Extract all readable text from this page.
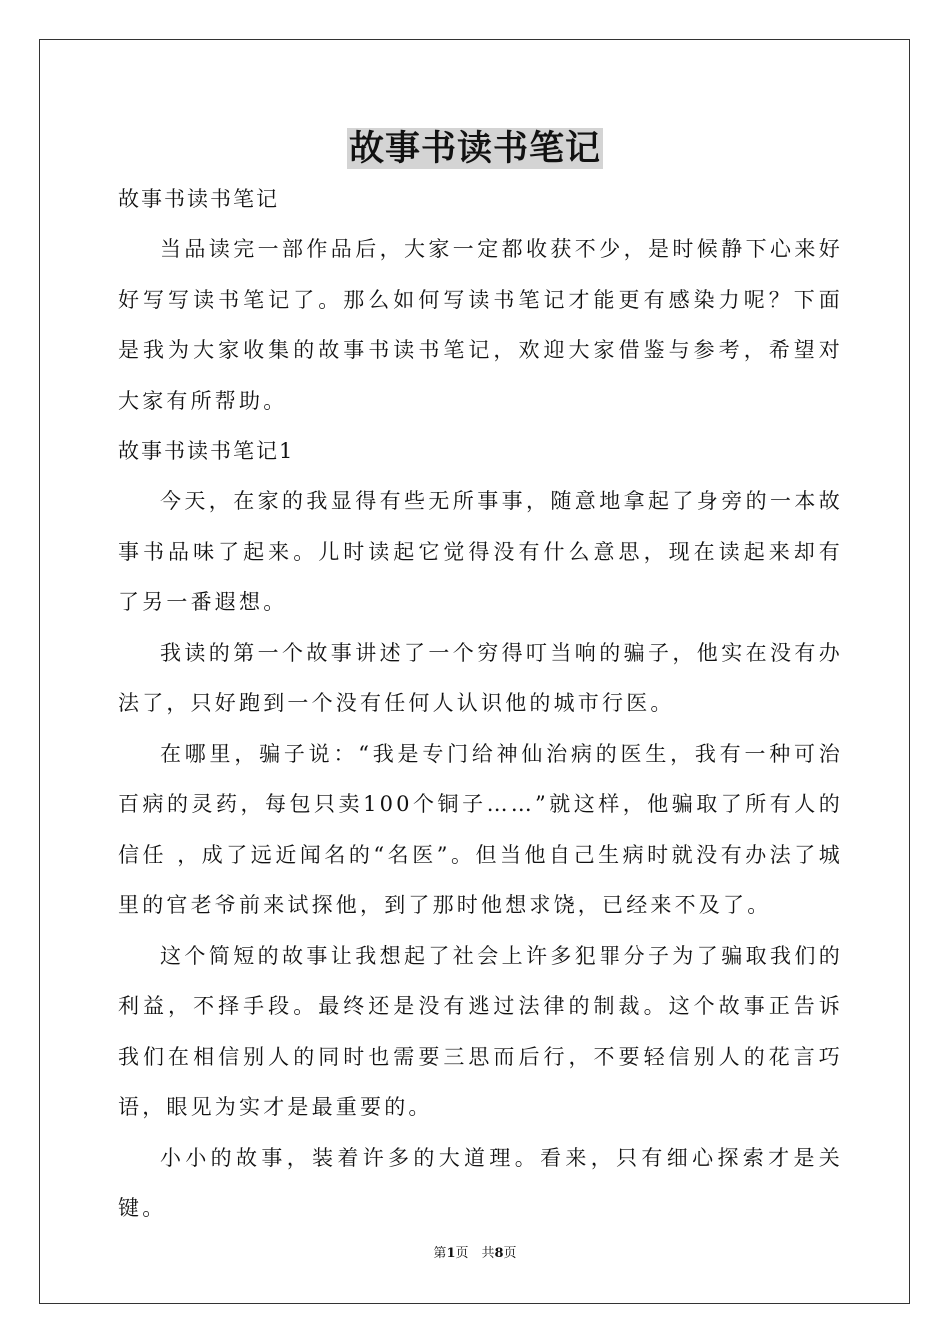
故事书读书笔记

故事书读书笔记

当品读完一部作品后，大家一定都收获不少，是时候静下心来好好写写读书笔记了。那么如何写读书笔记才能更有感染力呢？下面是我为大家收集的故事书读书笔记，欢迎大家借鉴与参考，希望对大家有所帮助。

故事书读书笔记1

今天，在家的我显得有些无所事事，随意地拿起了身旁的一本故事书品味了起来。儿时读起它觉得没有什么意思，现在读起来却有了另一番遐想。

我读的第一个故事讲述了一个穷得叮当响的骗子，他实在没有办法了，只好跑到一个没有任何人认识他的城市行医。

在哪里，骗子说：“我是专门给神仙治病的医生，我有一种可治百病的灵药，每包只卖100个铜子……”就这样，他骗取了所有人的信任 ，成了远近闻名的“名医”。但当他自己生病时就没有办法了城里的官老爷前来试探他，到了那时他想求饶，已经来不及了。

这个简短的故事让我想起了社会上许多犯罪分子为了骗取我们的利益，不择手段。最终还是没有逃过法律的制裁。这个故事正告诉我们在相信别人的同时也需要三思而后行，不要轻信别人的花言巧语，眼见为实才是最重要的。

小小的故事，装着许多的大道理。看来，只有细心探索才是关键。

第1页　共8页
